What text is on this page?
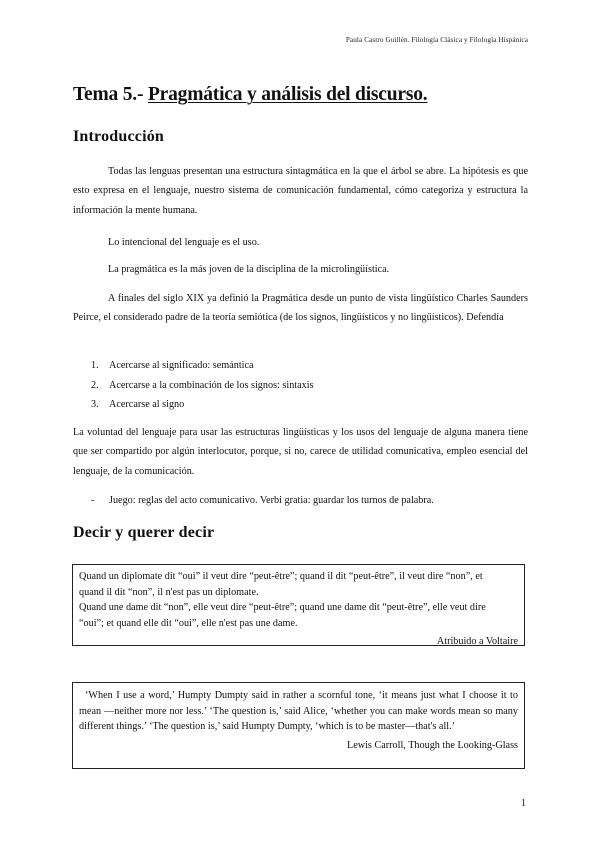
Paula Castro Guillén. Filología Clásica y Filología Hispánica
Tema 5.- Pragmática y análisis del discurso.
Introducción
Todas las lenguas presentan una estructura sintagmática en la que el árbol se abre. La hipótesis es que esto expresa en el lenguaje, nuestro sistema de comunicación fundamental, cómo categoriza y estructura la información la mente humana.
Lo intencional del lenguaje es el uso.
La pragmática es la más joven de la disciplina de la microlingüística.
A finales del siglo XIX ya definió la Pragmática desde un punto de vista lingüístico Charles Saunders Peirce, el considerado padre de la teoría semiótica (de los signos, lingüísticos y no lingüísticos). Defendía
1. Acercarse al significado: semántica
2. Acercarse a la combinación de los signos: sintaxis
3. Acercarse al signo
La voluntad del lenguaje para usar las estructuras lingüísticas y los usos del lenguaje de alguna manera tiene que ser compartido por algún interlocutor, porque, si no, carece de utilidad comunicativa, empleo esencial del lenguaje, de la comunicación.
- Juego: reglas del acto comunicativo. Verbi gratia: guardar los turnos de palabra.
Decir y querer decir
Quand un diplomate dit “oui” il veut dire “peut-être”; quand il dit “peut-être”, il veut dire “non”, et
quand il dit “non”, il n'est pas un diplomate.
Quand une dame dit “non”, elle veut dire “peut-être”; quand une dame dit “peut-être”, elle veut dire
“oui”; et quand elle dit “oui”, elle n'est pas une dame.
Atribuido a Voltaire
‘When I use a word,’ Humpty Dumpty said in rather a scornful tone, ‘it means just what I choose it to mean —neither more nor less.’ ‘The question is,’ said Alice, ‘whether you can make words mean so many different things.’ ‘The question is,’ said Humpty Dumpty, ‘which is to be master—that's all.’
Lewis Carroll, Though the Looking-Glass
1
